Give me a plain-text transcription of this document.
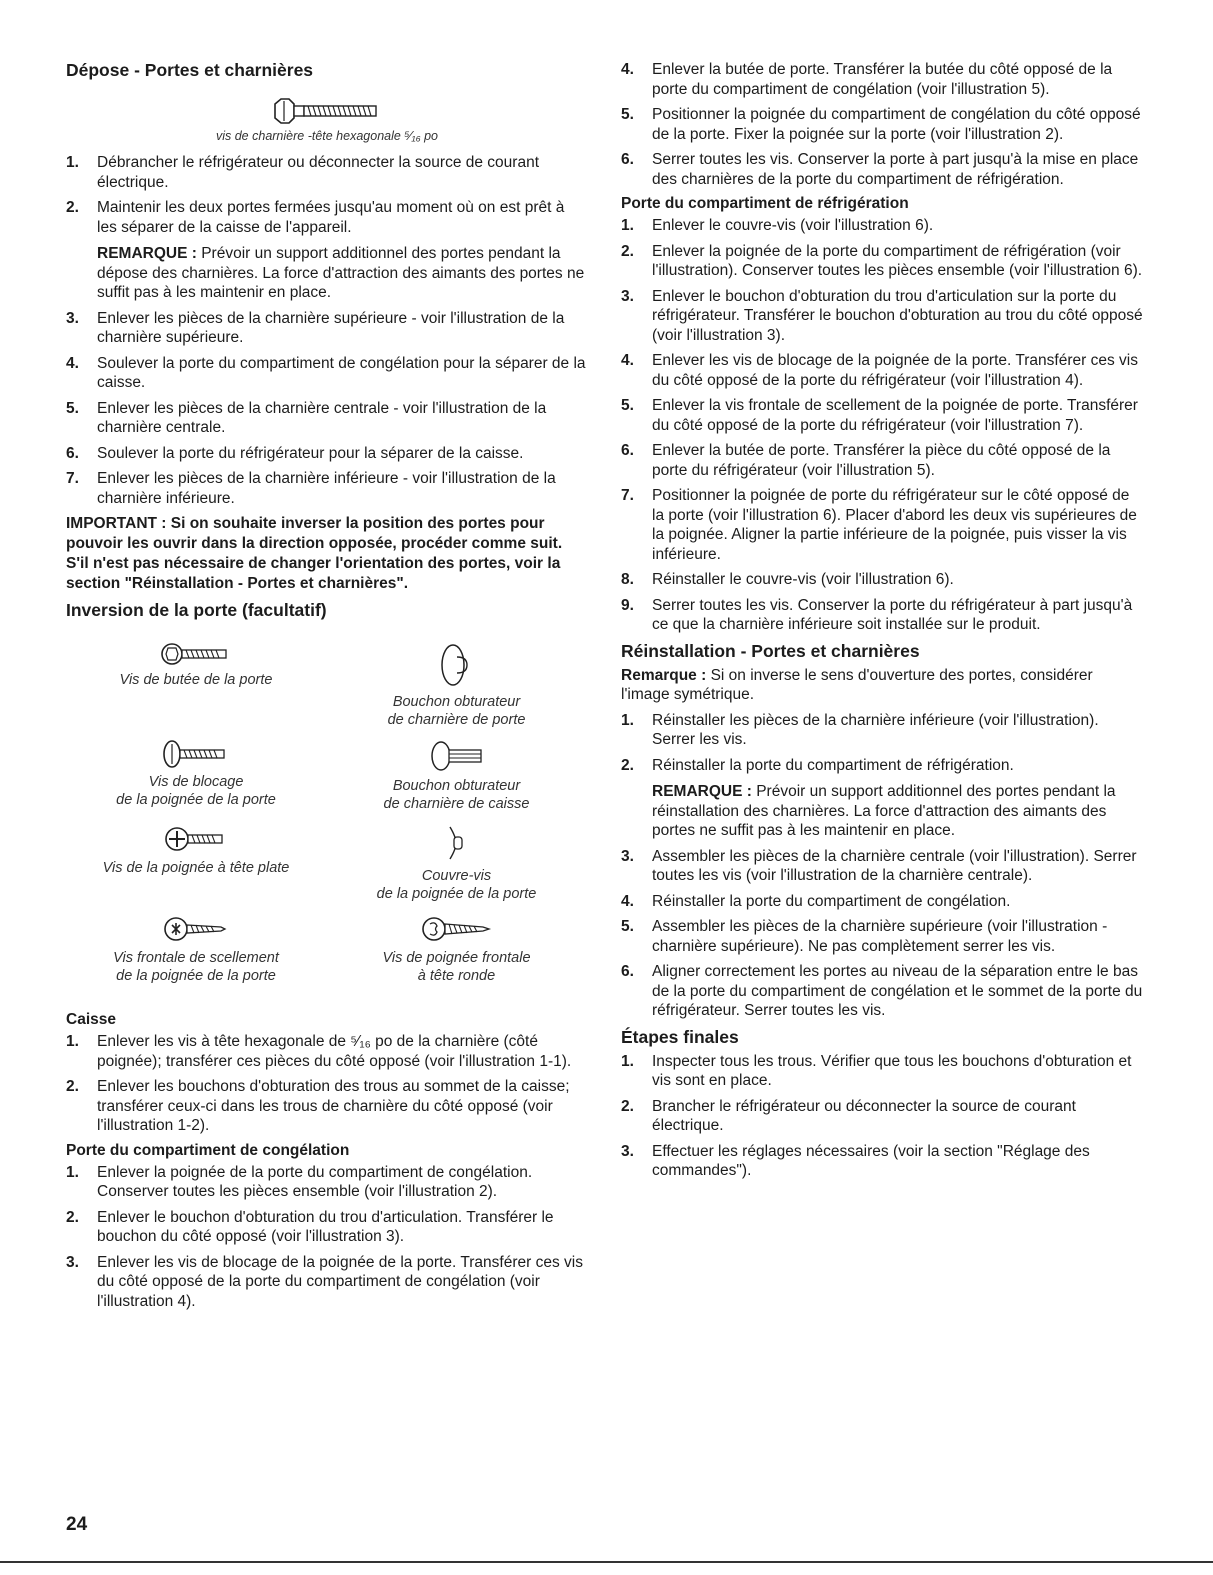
Dépose - Portes et charnières
vis de charnière -tête hexagonale ⁵⁄₁₆ po
1. Débrancher le réfrigérateur ou déconnecter la source de courant électrique.
2. Maintenir les deux portes fermées jusqu'au moment où on est prêt à les séparer de la caisse de l'appareil.
REMARQUE : Prévoir un support additionnel des portes pendant la dépose des charnières. La force d'attraction des aimants des portes ne suffit pas à les maintenir en place.
3. Enlever les pièces de la charnière supérieure - voir l'illustration de la charnière supérieure.
4. Soulever la porte du compartiment de congélation pour la séparer de la caisse.
5. Enlever les pièces de la charnière centrale - voir l'illustration de la charnière centrale.
6. Soulever la porte du réfrigérateur pour la séparer de la caisse.
7. Enlever les pièces de la charnière inférieure - voir l'illustration de la charnière inférieure.

IMPORTANT : Si on souhaite inverser la position des portes pour pouvoir les ouvrir dans la direction opposée, procéder comme suit. S'il n'est pas nécessaire de changer l'orientation des portes, voir la section "Réinstallation - Portes et charnières".

Inversion de la porte (facultatif)
Vis de butée de la porte
Bouchon obturateur
de charnière de porte
Vis de blocage
de la poignée de la porte
Bouchon obturateur
de charnière de caisse
Vis de la poignée à tête plate	Couvre-vis
de la poignée de la porte
Vis frontale de scellement
de la poignée de la porte
Vis de poignée frontale
à tête ronde
Caisse
1. Enlever les vis à tête hexagonale de ⁵⁄₁₆ po de la charnière (côté poignée); transférer ces pièces du côté opposé (voir l'illustration 1-1).
2. Enlever les bouchons d'obturation des trous au sommet de la caisse; transférer ceux-ci dans les trous de charnière du côté opposé (voir l'illustration 1-2).
Porte du compartiment de congélation
1. Enlever la poignée de la porte du compartiment de congélation. Conserver toutes les pièces ensemble (voir l'illustration 2).
2. Enlever le bouchon d'obturation du trou d'articulation. Transférer le bouchon du côté opposé (voir l'illustration 3).
3. Enlever les vis de blocage de la poignée de la porte. Transférer ces vis du côté opposé de la porte du compartiment de congélation (voir l'illustration 4).
4. Enlever la butée de porte. Transférer la butée du côté opposé de la porte du compartiment de congélation (voir l'illustration 5).
5. Positionner la poignée du compartiment de congélation du côté opposé de la porte. Fixer la poignée sur la porte (voir l'illustration 2).
6. Serrer toutes les vis. Conserver la porte à part jusqu'à la mise en place des charnières de la porte du compartiment de réfrigération.
Porte du compartiment de réfrigération
1. Enlever le couvre-vis (voir l'illustration 6).
2. Enlever la poignée de la porte du compartiment de réfrigération (voir l'illustration). Conserver toutes les pièces ensemble (voir l'illustration 6).
3. Enlever le bouchon d'obturation du trou d'articulation sur la porte du réfrigérateur. Transférer le bouchon d'obturation au trou du côté opposé (voir l'illustration 3).
4. Enlever les vis de blocage de la poignée de la porte. Transférer ces vis du côté opposé de la porte du réfrigérateur (voir l'illustration 4).
5. Enlever la vis frontale de scellement de la poignée de porte. Transférer du côté opposé de la porte du réfrigérateur (voir l'illustration 7).
6. Enlever la butée de porte. Transférer la pièce du côté opposé de la porte du réfrigérateur (voir l'illustration 5).
7. Positionner la poignée de porte du réfrigérateur sur le côté opposé de la porte (voir l'illustration 6). Placer d'abord les deux vis supérieures de la poignée. Aligner la partie inférieure de la poignée, puis visser la vis inférieure.
8. Réinstaller le couvre-vis (voir l'illustration 6).
9. Serrer toutes les vis. Conserver la porte du réfrigérateur à part jusqu'à ce que la charnière inférieure soit installée sur le produit.
Réinstallation - Portes et charnières

Remarque : Si on inverse le sens d'ouverture des portes, considérer l'image symétrique.

1. Réinstaller les pièces de la charnière inférieure (voir l'illustration). Serrer les vis.
2. Réinstaller la porte du compartiment de réfrigération.
REMARQUE : Prévoir un support additionnel des portes pendant la réinstallation des charnières. La force d'attraction des aimants des portes ne suffit pas à les maintenir en place.
3. Assembler les pièces de la charnière centrale (voir l'illustration). Serrer toutes les vis (voir l'illustration de la charnière centrale).
4. Réinstaller la porte du compartiment de congélation.
5. Assembler les pièces de la charnière supérieure (voir l'illustration - charnière supérieure). Ne pas complètement serrer les vis.
6. Aligner correctement les portes au niveau de la séparation entre le bas de la porte du compartiment de congélation et le sommet de la porte du réfrigérateur. Serrer toutes les vis.
Étapes finales
1. Inspecter tous les trous. Vérifier que tous les bouchons d'obturation et vis sont en place.
2. Brancher le réfrigérateur ou déconnecter la source de courant électrique.
3. Effectuer les réglages nécessaires (voir la section "Réglage des commandes").
24
